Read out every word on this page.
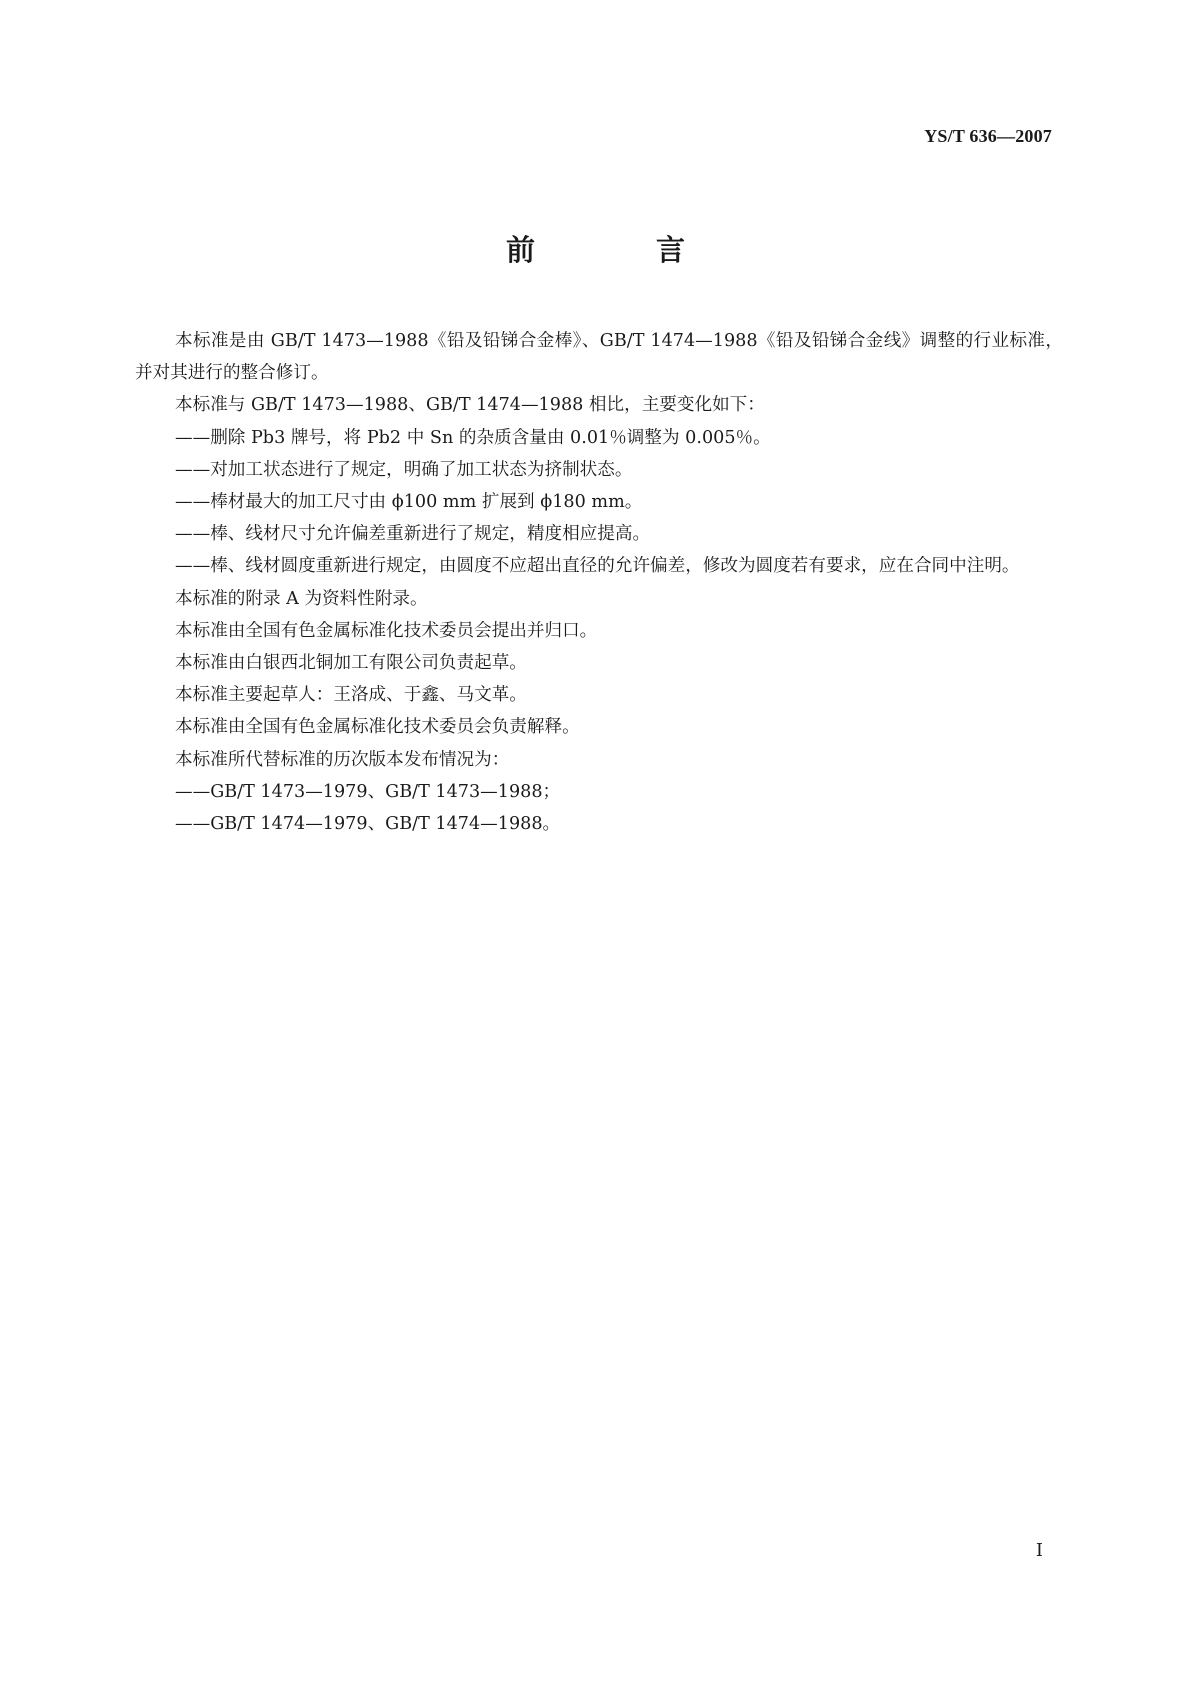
YS/T 636—2007
前　言

本标准是由 GB/T 1473—1988《铅及铅锑合金棒》、GB/T 1474—1988《铅及铅锑合金线》调整的行业标准，并对其进行的整合修订。

本标准与 GB/T 1473—1988、GB/T 1474—1988 相比，主要变化如下：

——删除 Pb3 牌号，将 Pb2 中 Sn 的杂质含量由 0.01％调整为 0.005％。

——对加工状态进行了规定，明确了加工状态为挤制状态。

——棒材最大的加工尺寸由 ϕ100 mm 扩展到 ϕ180 mm。

——棒、线材尺寸允许偏差重新进行了规定，精度相应提高。

——棒、线材圆度重新进行规定，由圆度不应超出直径的允许偏差，修改为圆度若有要求，应在合同中注明。

本标准的附录 A 为资料性附录。

本标准由全国有色金属标准化技术委员会提出并归口。

本标准由白银西北铜加工有限公司负责起草。

本标准主要起草人：王洛成、于鑫、马文革。

本标准由全国有色金属标准化技术委员会负责解释。

本标准所代替标准的历次版本发布情况为：

——GB/T 1473—1979、GB/T 1473—1988；

——GB/T 1474—1979、GB/T 1474—1988。

Ⅰ
